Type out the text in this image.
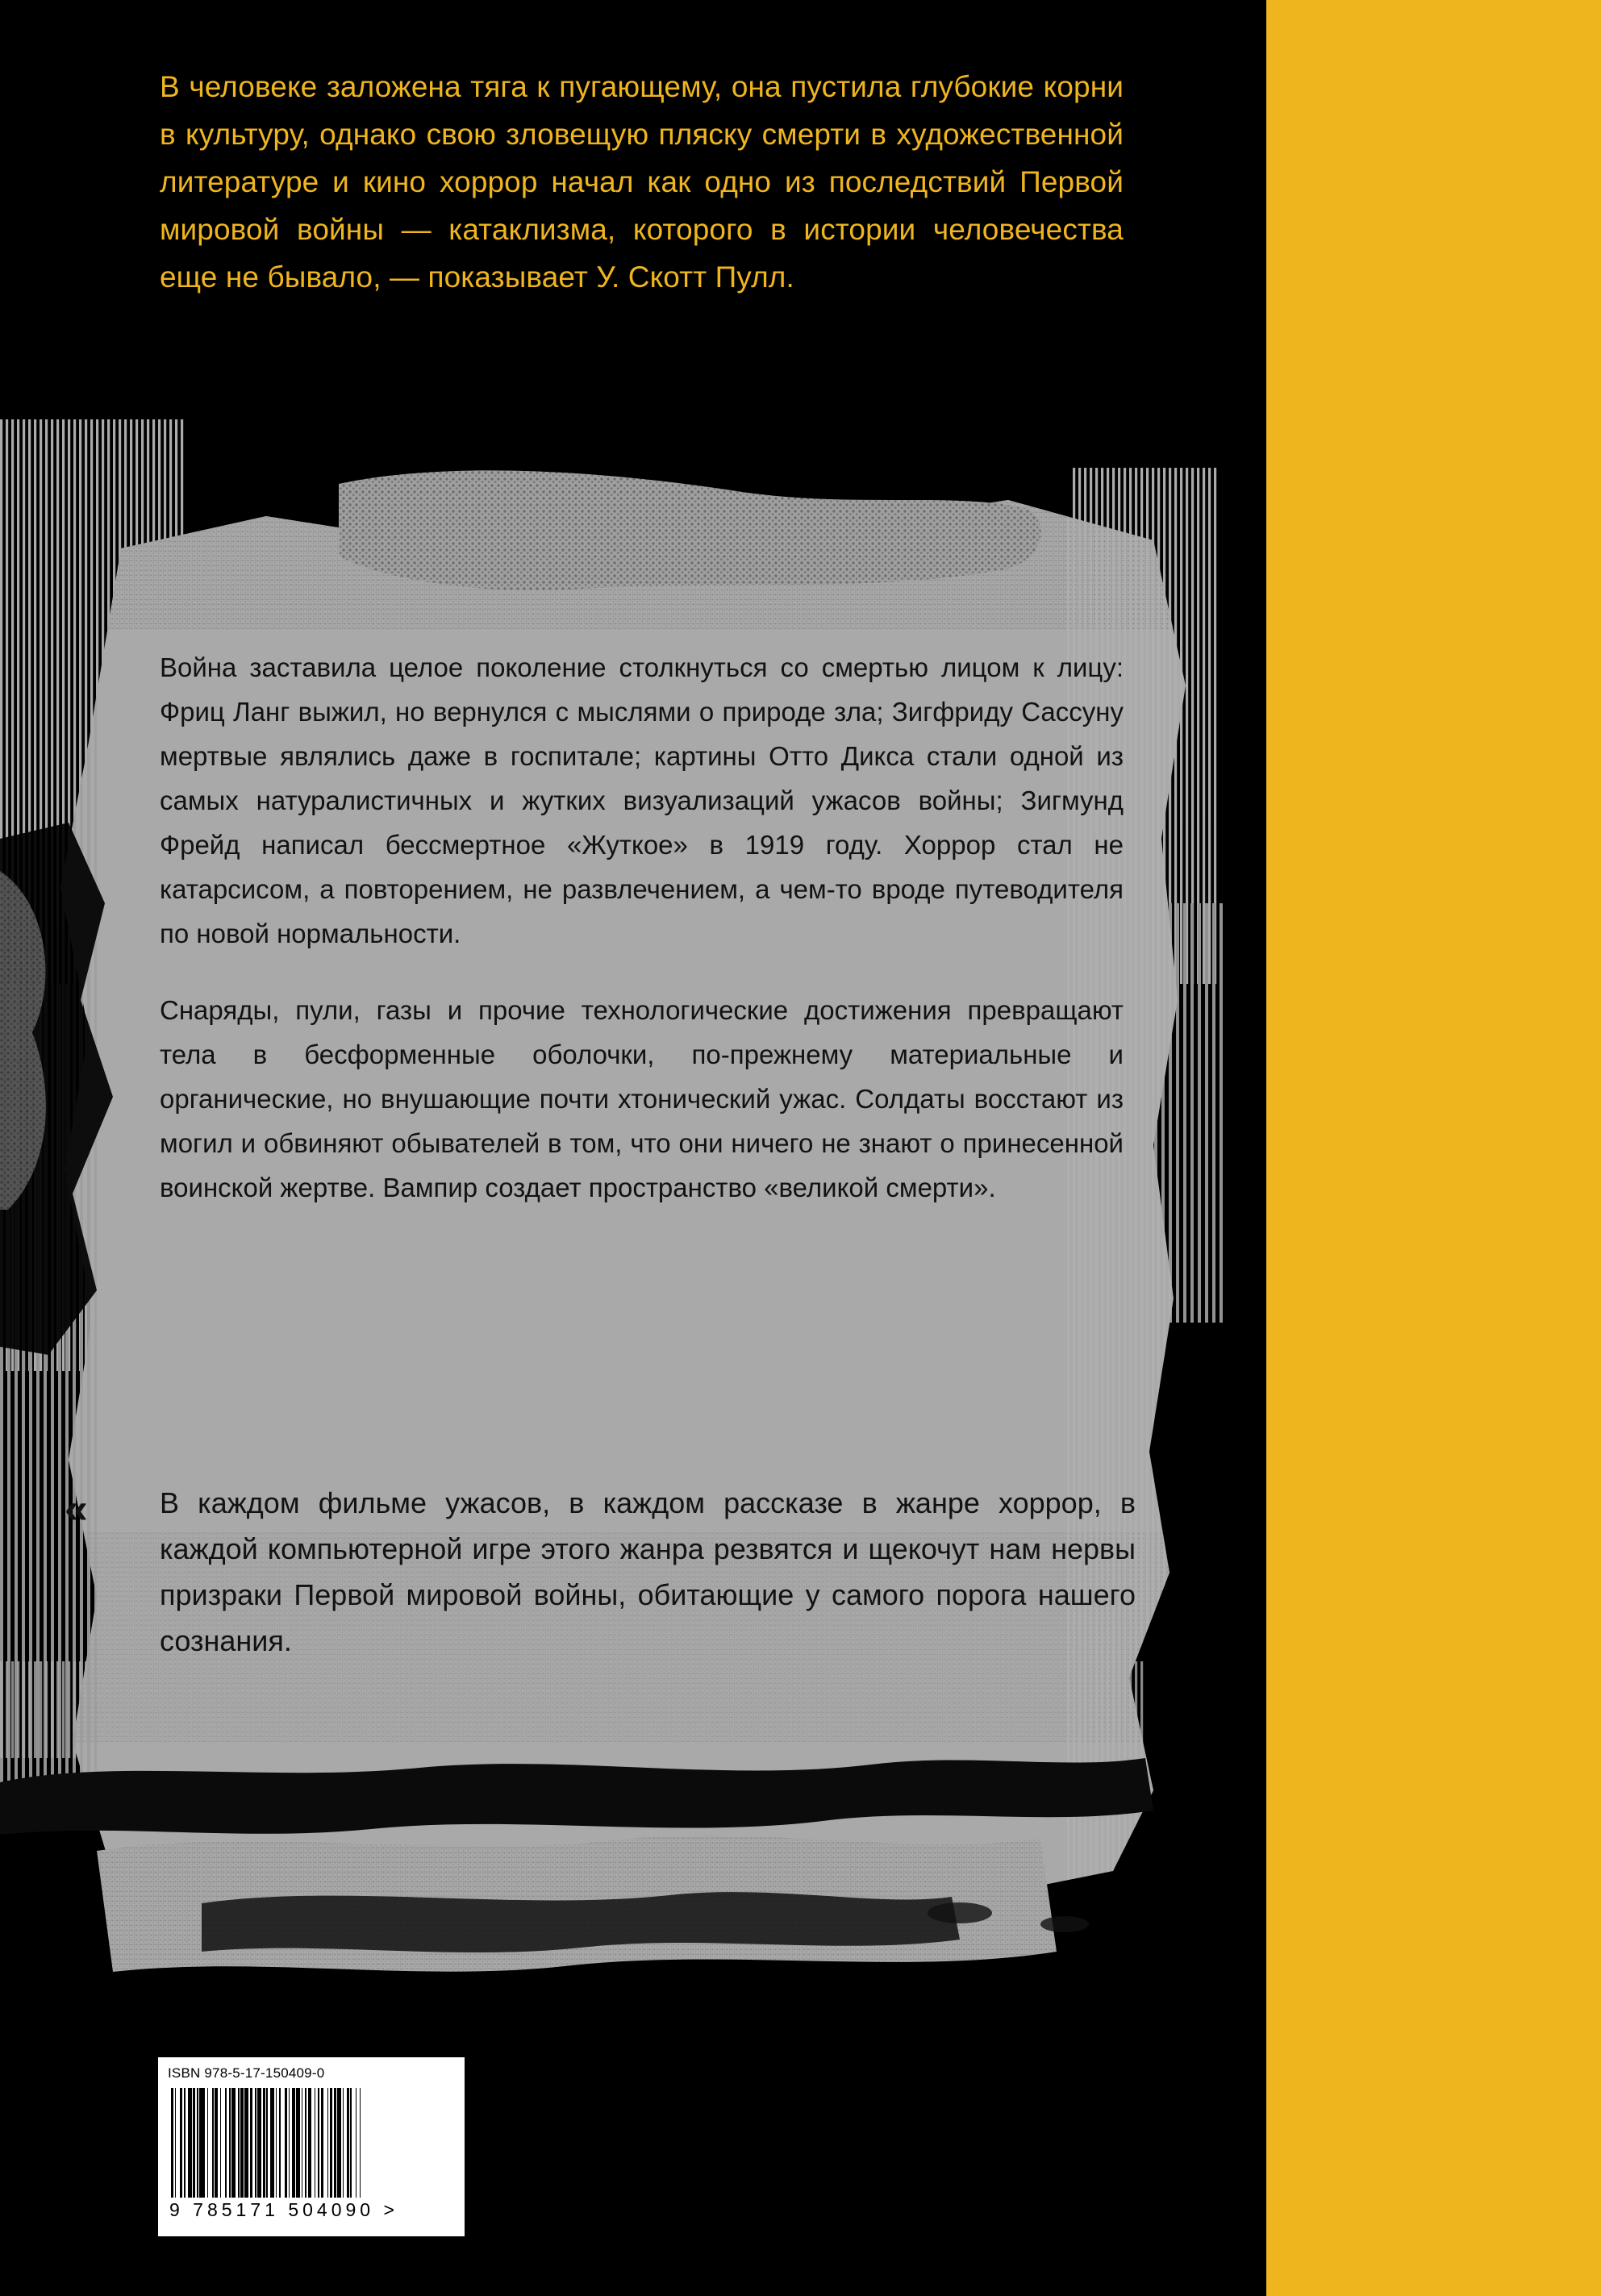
В человеке заложена тяга к пугающему, она пустила глубокие корни в культуру, однако свою зловещую пляску смерти в художественной литературе и кино хоррор начал как одно из последствий Первой мировой войны — катаклизма, которого в истории человечества еще не бывало, — показывает У. Скотт Пулл.

Война заставила целое поколение столкнуться со смертью лицом к лицу: Фриц Ланг выжил, но вернулся с мыслями о природе зла; Зигфриду Сассуну мертвые являлись даже в госпитале; картины Отто Дикса стали одной из самых натуралистичных и жутких визуализаций ужасов войны; Зигмунд Фрейд написал бессмертное «Жуткое» в 1919 году. Хоррор стал не катарсисом, а повторением, не развлечением, а чем-то вроде путеводителя по новой нормальности.

Снаряды, пули, газы и прочие технологические достижения превращают тела в бесформенные оболочки, по-прежнему материальные и органические, но внушающие почти хтонический ужас. Солдаты восстают из могил и обвиняют обывателей в том, что они ничего не знают о принесенной воинской жертве. Вампир создает пространство «великой смерти».

«	В каждом фильме ужасов, в каждом рассказе в жанре хоррор, в каждой компьютерной игре этого жанра резвятся и щекочут нам нервы призраки Первой мировой войны, обитающие у самого порога нашего сознания.

ISBN 978-5-17-150409-0
9 785171 504090 >
